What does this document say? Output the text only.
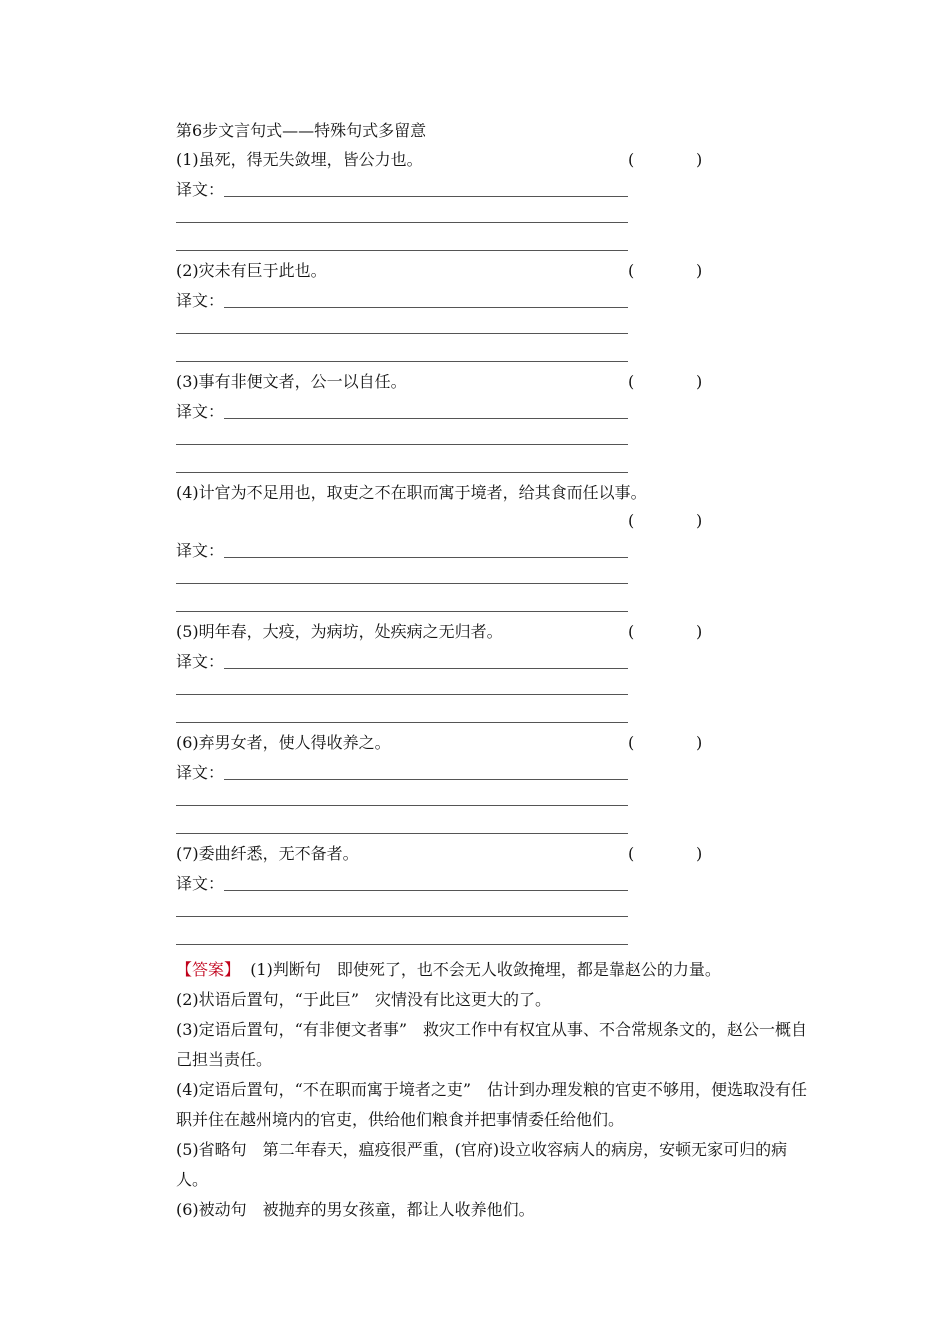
第6步文言句式——特殊句式多留意
(1)虽死，得无失敛埋，皆公力也。	(	)
译文：
(2)灾未有巨于此也。	(	)
译文：
(3)事有非便文者，公一以自任。	(	)
译文：
(4)计官为不足用也，取吏之不在职而寓于境者，给其食而任以事。
(	)
译文：
(5)明年春，大疫，为病坊，处疾病之无归者。	(	)
译文：
(6)弃男女者，使人得收养之。	(	)
译文：
(7)委曲纤悉，无不备者。	(	)
译文：

【答案】 (1)判断句　即使死了，也不会无人收敛掩埋，都是靠赵公的力量。

(2)状语后置句，“于此巨”　灾情没有比这更大的了。

(3)定语后置句，“有非便文者事”　救灾工作中有权宜从事、不合常规条文的，赵公一概自己担当责任。

(4)定语后置句，“不在职而寓于境者之吏”　估计到办理发粮的官吏不够用，便选取没有任职并住在越州境内的官吏，供给他们粮食并把事情委任给他们。

(5)省略句　第二年春天，瘟疫很严重，(官府)设立收容病人的病房，安顿无家可归的病人。

(6)被动句　被抛弃的男女孩童，都让人收养他们。
